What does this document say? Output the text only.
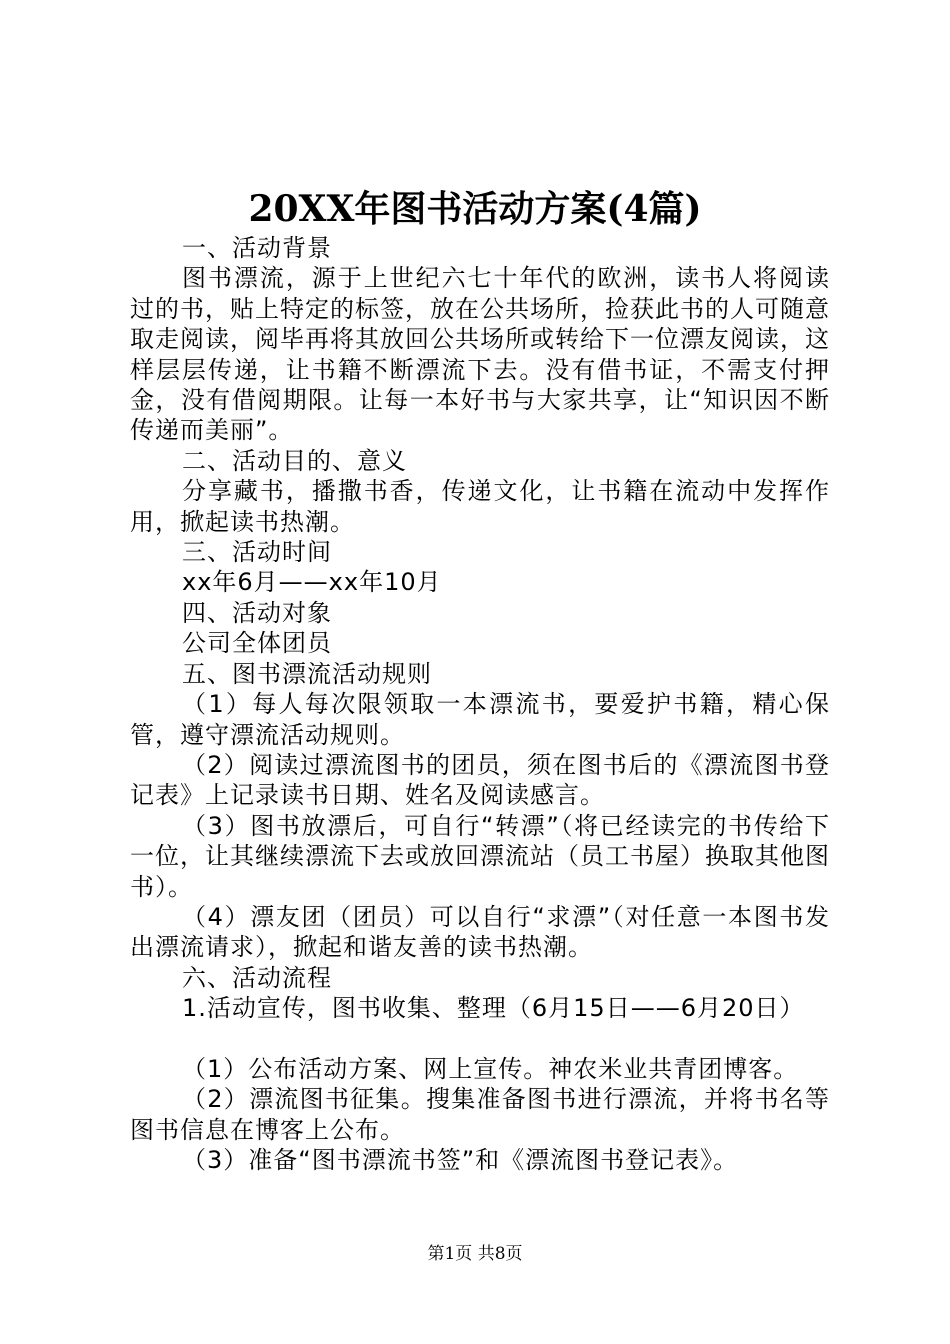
20XX年图书活动方案(4篇)

一、活动背景

图书漂流，源于上世纪六七十年代的欧洲，读书人将阅读过的书，贴上特定的标签，放在公共场所，捡获此书的人可随意取走阅读，阅毕再将其放回公共场所或转给下一位漂友阅读，这样层层传递，让书籍不断漂流下去。没有借书证，不需支付押金，没有借阅期限。让每一本好书与大家共享，让“知识因不断传递而美丽”。

二、活动目的、意义

分享藏书，播撒书香，传递文化，让书籍在流动中发挥作用，掀起读书热潮。

三、活动时间

xx年6月——xx年10月

四、活动对象

公司全体团员

五、图书漂流活动规则

（1）每人每次限领取一本漂流书，要爱护书籍，精心保管，遵守漂流活动规则。

（2）阅读过漂流图书的团员，须在图书后的《漂流图书登记表》上记录读书日期、姓名及阅读感言。

（3）图书放漂后，可自行“转漂”（将已经读完的书传给下一位，让其继续漂流下去或放回漂流站（员工书屋）换取其他图书）。

（4）漂友团（团员）可以自行“求漂”（对任意一本图书发出漂流请求），掀起和谐友善的读书热潮。

六、活动流程

1.活动宣传，图书收集、整理（6月15日——6月20日）

（1）公布活动方案、网上宣传。神农米业共青团博客。

（2）漂流图书征集。搜集准备图书进行漂流，并将书名等图书信息在博客上公布。

（3）准备“图书漂流书签”和《漂流图书登记表》。

第1页 共8页
